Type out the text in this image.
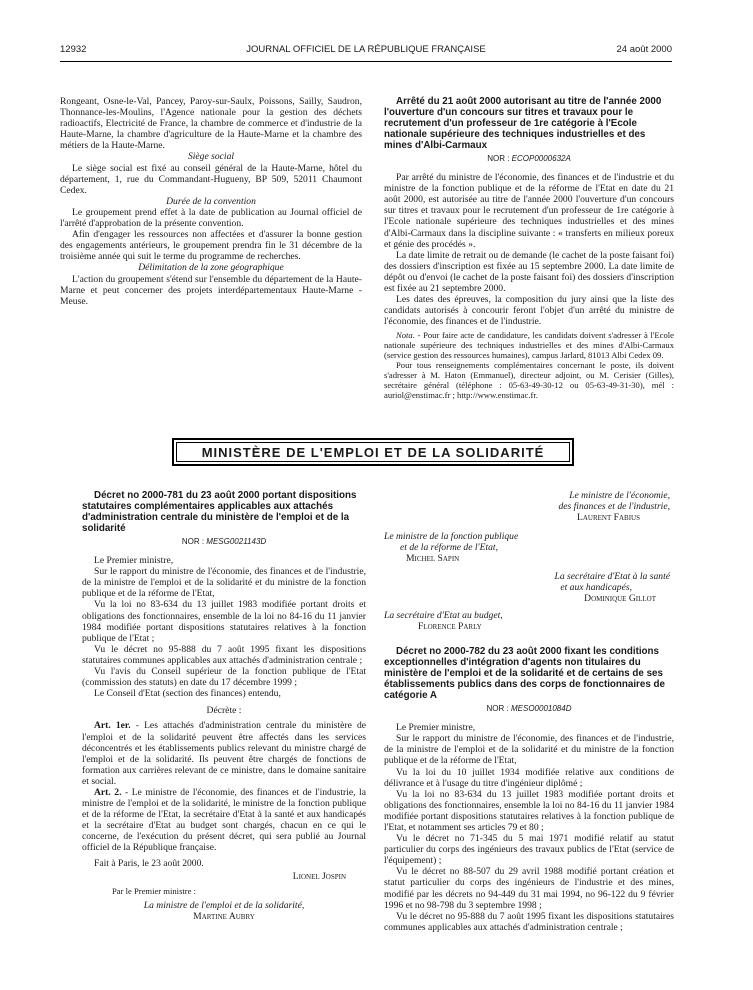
12932	JOURNAL OFFICIEL DE LA RÉPUBLIQUE FRANÇAISE	24 août 2000

Rongeant, Osne-le-Val, Pancey, Paroy-sur-Saulx, Poissons, Sailly, Saudron, Thonnance-les-Moulins, l'Agence nationale pour la gestion des déchets radioactifs, Electricité de France, la chambre de commerce et d'industrie de la Haute-Marne, la chambre d'agriculture de la Haute-Marne et la chambre des métiers de la Haute-Marne.

Siège social

Le siège social est fixé au conseil général de la Haute-Marne, hôtel du département, 1, rue du Commandant-Hugueny, BP 509, 52011 Chaumont Cedex.

Durée de la convention

Le groupement prend effet à la date de publication au Journal officiel de l'arrêté d'approbation de la présente convention.

Afin d'engager les ressources non affectées et d'assurer la bonne gestion des engagements antérieurs, le groupement prendra fin le 31 décembre de la troisième année qui suit le terme du programme de recherches.

Délimitation de la zone géographique

L'action du groupement s'étend sur l'ensemble du département de la Haute-Marne et peut concerner des projets interdépartementaux Haute-Marne - Meuse.

Arrêté du 21 août 2000 autorisant au titre de l'année 2000 l'ouverture d'un concours sur titres et travaux pour le recrutement d'un professeur de 1re catégorie à l'Ecole nationale supérieure des techniques industrielles et des mines d'Albi-Carmaux

NOR : ECOP0000632A

Par arrêté du ministre de l'économie, des finances et de l'industrie et du ministre de la fonction publique et de la réforme de l'Etat en date du 21 août 2000, est autorisée au titre de l'année 2000 l'ouverture d'un concours sur titres et travaux pour le recrutement d'un professeur de 1re catégorie à l'Ecole nationale supérieure des techniques industrielles et des mines d'Albi-Carmaux dans la discipline suivante : « transferts en milieux poreux et génie des procédés ».

La date limite de retrait ou de demande (le cachet de la poste faisant foi) des dossiers d'inscription est fixée au 15 septembre 2000. La date limite de dépôt ou d'envoi (le cachet de la poste faisant foi) des dossiers d'inscription est fixée au 21 septembre 2000.

Les dates des épreuves, la composition du jury ainsi que la liste des candidats autorisés à concourir feront l'objet d'un arrêté du ministre de l'économie, des finances et de l'industrie.

Nota. - Pour faire acte de candidature, les candidats doivent s'adresser à l'Ecole nationale supérieure des techniques industrielles et des mines d'Albi-Carmaux (service gestion des ressources humaines), campus Jarlard, 81013 Albi Cedex 09.

Pour tous renseignements complémentaires concernant le poste, ils doivent s'adresser à M. Haton (Emmanuel), directeur adjoint, ou M. Cerisier (Gilles), secrétaire général (téléphone : 05-63-49-30-12 ou 05-63-49-31-30), mél : auriol@enstimac.fr ; http://www.enstimac.fr.

MINISTÈRE DE L'EMPLOI ET DE LA SOLIDARITÉ

Décret no 2000-781 du 23 août 2000 portant dispositions statutaires complémentaires applicables aux attachés d'administration centrale du ministère de l'emploi et de la solidarité

NOR : MESG0021143D

Le Premier ministre,

Sur le rapport du ministre de l'économie, des finances et de l'industrie, de la ministre de l'emploi et de la solidarité et du ministre de la fonction publique et de la réforme de l'Etat,

Vu la loi no 83-634 du 13 juillet 1983 modifiée portant droits et obligations des fonctionnaires, ensemble de la loi no 84-16 du 11 janvier 1984 modifiée portant dispositions statutaires relatives à la fonction publique de l'Etat ;

Vu le décret no 95-888 du 7 août 1995 fixant les dispositions statutaires communes applicables aux attachés d'administration centrale ;

Vu l'avis du Conseil supérieur de la fonction publique de l'Etat (commission des statuts) en date du 17 décembre 1999 ;

Le Conseil d'Etat (section des finances) entendu,

Décrète :

Art. 1er. - Les attachés d'administration centrale du ministère de l'emploi et de la solidarité peuvent être affectés dans les services déconcentrés et les établissements publics relevant du ministre chargé de l'emploi et de la solidarité. Ils peuvent être chargés de fonctions de formation aux carrières relevant de ce ministre, dans le domaine sanitaire et social.

Art. 2. - Le ministre de l'économie, des finances et de l'industrie, la ministre de l'emploi et de la solidarité, le ministre de la fonction publique et de la réforme de l'Etat, la secrétaire d'Etat à la santé et aux handicapés et la secrétaire d'Etat au budget sont chargés, chacun en ce qui le concerne, de l'exécution du présent décret, qui sera publié au Journal officiel de la République française.

Fait à Paris, le 23 août 2000.

Lionel Jospin

Par le Premier ministre :

La ministre de l'emploi et de la solidarité,

Martine Aubry

Le ministre de l'économie,
des finances et de l'industrie,
Laurent Fabius
Le ministre de la fonction publique
et de la réforme de l'Etat,
Michel Sapin
La secrétaire d'Etat à la santé
et aux handicapés,
Dominique Gillot
La secrétaire d'Etat au budget,
Florence Parly

Décret no 2000-782 du 23 août 2000 fixant les conditions exceptionnelles d'intégration d'agents non titulaires du ministère de l'emploi et de la solidarité et de certains de ses établissements publics dans des corps de fonctionnaires de catégorie A

NOR : MESO0001084D

Le Premier ministre,

Sur le rapport du ministre de l'économie, des finances et de l'industrie, de la ministre de l'emploi et de la solidarité et du ministre de la fonction publique et de la réforme de l'Etat,

Vu la loi du 10 juillet 1934 modifiée relative aux conditions de délivrance et à l'usage du titre d'ingénieur diplômé ;

Vu la loi no 83-634 du 13 juillet 1983 modifiée portant droits et obligations des fonctionnaires, ensemble la loi no 84-16 du 11 janvier 1984 modifiée portant dispositions statutaires relatives à la fonction publique de l'Etat, et notamment ses articles 79 et 80 ;

Vu le décret no 71-345 du 5 mai 1971 modifié relatif au statut particulier du corps des ingénieurs des travaux publics de l'Etat (service de l'équipement) ;

Vu le décret no 88-507 du 29 avril 1988 modifié portant création et statut particulier du corps des ingénieurs de l'industrie et des mines, modifié par les décrets no 94-449 du 31 mai 1994, no 96-122 du 9 février 1996 et no 98-798 du 3 septembre 1998 ;

Vu le décret no 95-888 du 7 août 1995 fixant les dispositions statutaires communes applicables aux attachés d'administration centrale ;
